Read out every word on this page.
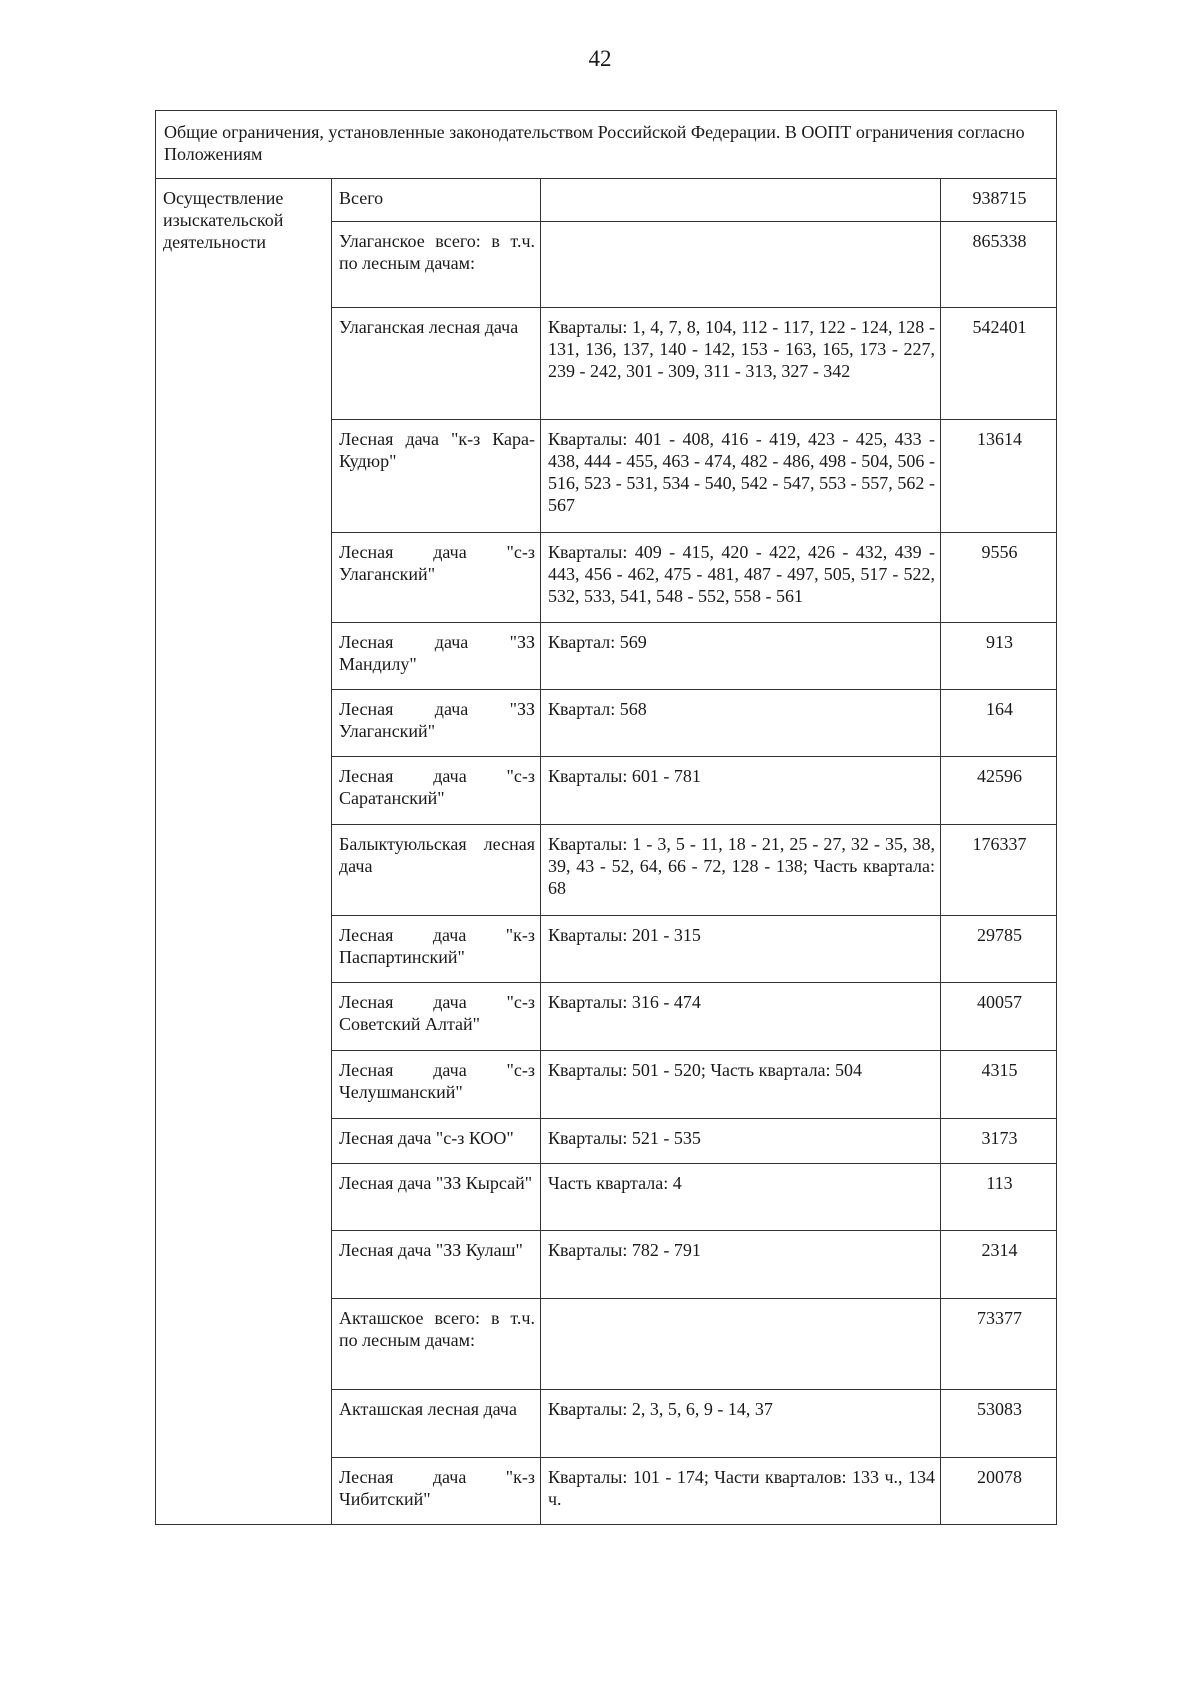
42
Общие ограничения, установленные законодательством Российской Федерации. В ООПТ ограничения согласно Положениям			
Осуществление изыскательской деятельности	Всего		938715
	Улаганское всего: в т.ч. по лесным дачам:		865338
	Улаганская лесная дача	Кварталы: 1, 4, 7, 8, 104, 112 - 117, 122 - 124, 128 - 131, 136, 137, 140 - 142, 153 - 163, 165, 173 - 227, 239 - 242, 301 - 309, 311 - 313, 327 - 342	542401
	Лесная дача "к-з Кара-Кудюр"	Кварталы: 401 - 408, 416 - 419, 423 - 425, 433 - 438, 444 - 455, 463 - 474, 482 - 486, 498 - 504, 506 - 516, 523 - 531, 534 - 540, 542 - 547, 553 - 557, 562 - 567	13614
	Лесная дача "с-з Улаганский"	Кварталы: 409 - 415, 420 - 422, 426 - 432, 439 - 443, 456 - 462, 475 - 481, 487 - 497, 505, 517 - 522, 532, 533, 541, 548 - 552, 558 - 561	9556
	Лесная дача "ЗЗ Мандилу"	Квартал: 569	913
	Лесная дача "ЗЗ Улаганский"	Квартал: 568	164
	Лесная дача "с-з Саратанский"	Кварталы: 601 - 781	42596
	Балыктуюльская лесная дача	Кварталы: 1 - 3, 5 - 11, 18 - 21, 25 - 27, 32 - 35, 38, 39, 43 - 52, 64, 66 - 72, 128 - 138; Часть квартала: 68	176337
	Лесная дача "к-з Паспартинский"	Кварталы: 201 - 315	29785
	Лесная дача "с-з Советский Алтай"	Кварталы: 316 - 474	40057
	Лесная дача "с-з Челушманский"	Кварталы: 501 - 520; Часть квартала: 504	4315
	Лесная дача "с-з КОО"	Кварталы: 521 - 535	3173
	Лесная дача "ЗЗ Кырсай"	Часть квартала: 4	113
	Лесная дача "ЗЗ Кулаш"	Кварталы: 782 - 791	2314
	Акташское всего: в т.ч. по лесным дачам:		73377
	Акташская лесная дача	Кварталы: 2, 3, 5, 6, 9 - 14, 37	53083
	Лесная дача "к-з Чибитский"	Кварталы: 101 - 174; Части кварталов: 133 ч., 134 ч.	20078
